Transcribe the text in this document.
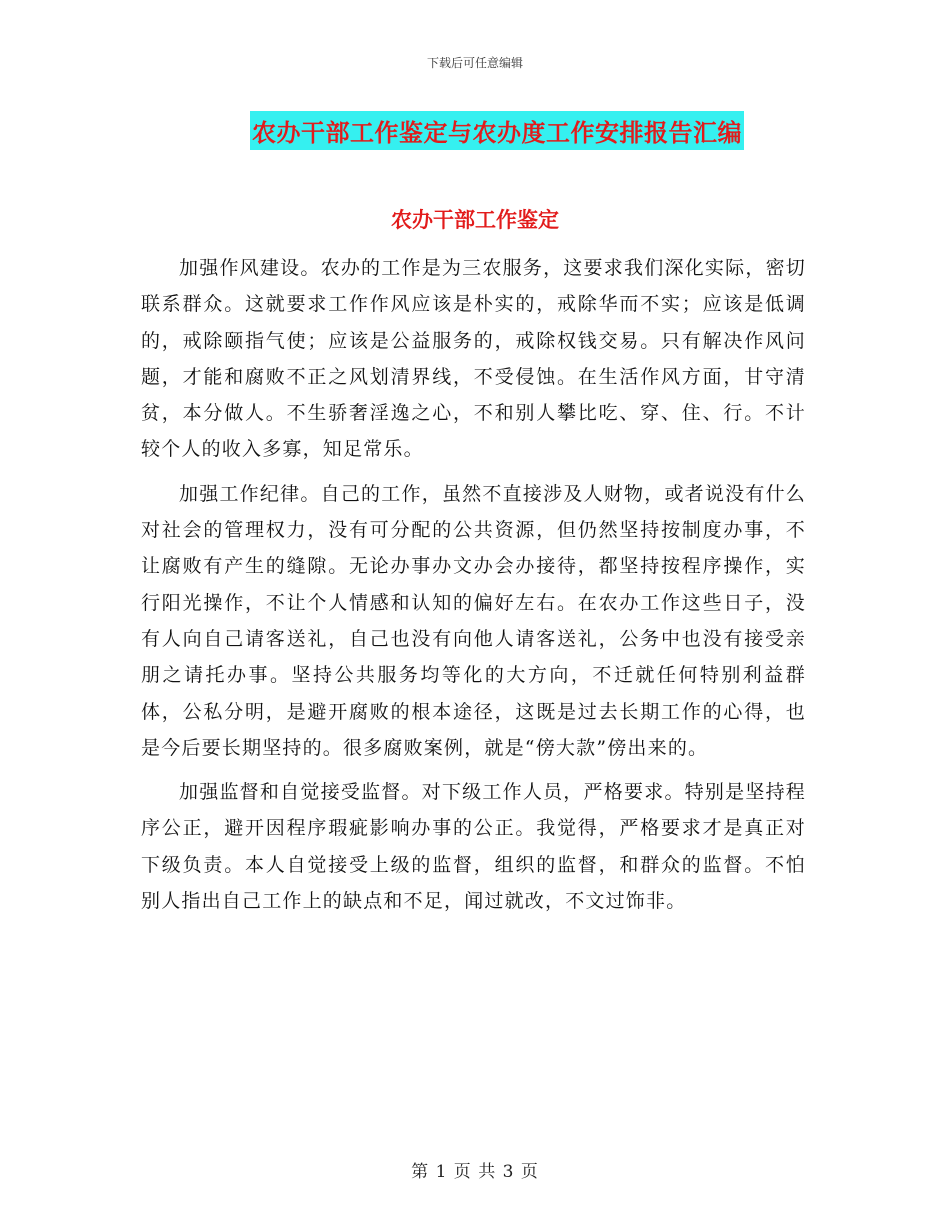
下载后可任意编辑
农办干部工作鉴定与农办度工作安排报告汇编
农办干部工作鉴定

加强作风建设。农办的工作是为三农服务，这要求我们深化实际，密切联系群众。这就要求工作作风应该是朴实的，戒除华而不实；应该是低调的，戒除颐指气使；应该是公益服务的，戒除权钱交易。只有解决作风问题，才能和腐败不正之风划清界线，不受侵蚀。在生活作风方面，甘守清贫，本分做人。不生骄奢淫逸之心，不和别人攀比吃、穿、住、行。不计较个人的收入多寡，知足常乐。

加强工作纪律。自己的工作，虽然不直接涉及人财物，或者说没有什么对社会的管理权力，没有可分配的公共资源，但仍然坚持按制度办事，不让腐败有产生的缝隙。无论办事办文办会办接待，都坚持按程序操作，实行阳光操作，不让个人情感和认知的偏好左右。在农办工作这些日子，没有人向自己请客送礼，自己也没有向他人请客送礼，公务中也没有接受亲朋之请托办事。坚持公共服务均等化的大方向，不迁就任何特别利益群体，公私分明，是避开腐败的根本途径，这既是过去长期工作的心得，也是今后要长期坚持的。很多腐败案例，就是“傍大款”傍出来的。

加强监督和自觉接受监督。对下级工作人员，严格要求。特别是坚持程序公正，避开因程序瑕疵影响办事的公正。我觉得，严格要求才是真正对下级负责。本人自觉接受上级的监督，组织的监督，和群众的监督。不怕别人指出自己工作上的缺点和不足，闻过就改，不文过饰非。

第 1 页 共 3 页
